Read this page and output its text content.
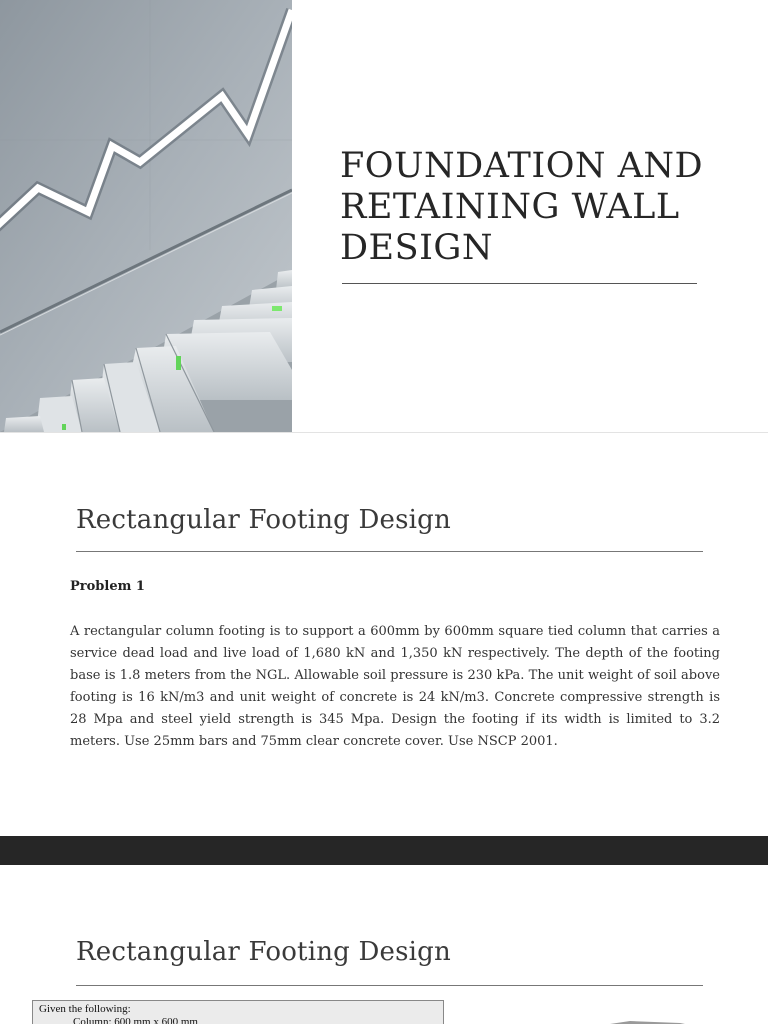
FOUNDATION AND RETAINING WALL DESIGN
Rectangular Footing Design

Problem 1

A rectangular column footing is to support a 600mm by 600mm square tied column that carries a service dead load and live load of 1,680 kN and 1,350 kN respectively. The depth of the footing base is 1.8 meters from the NGL. Allowable soil pressure is 230 kPa. The unit weight of soil above footing is 16 kN/m3 and unit weight of concrete is 24 kN/m3. Concrete compressive strength is 28 Mpa and steel yield strength is 345 Mpa. Design the footing if its width is limited to 3.2 meters. Use 25mm bars and 75mm clear concrete cover. Use NSCP 2001.

Rectangular Footing Design

Given the following:

Column: 600 mm x 600 mm
